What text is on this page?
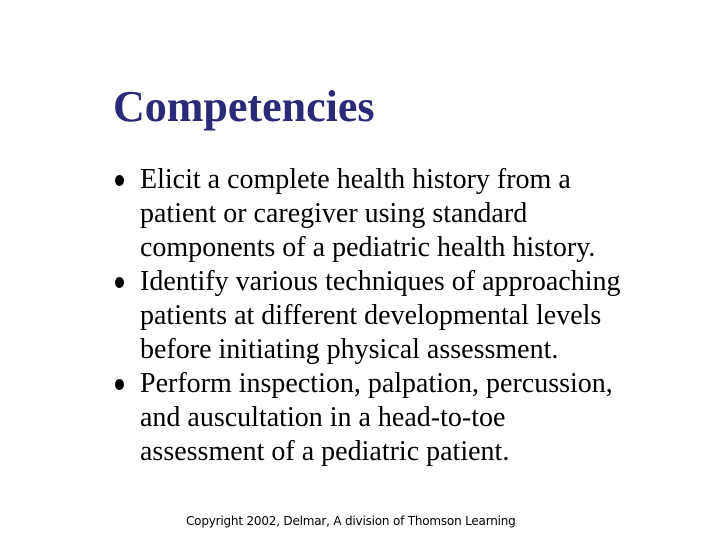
Competencies
Elicit a complete health history from a
patient or caregiver using standard
components of a pediatric health history.
Identify various techniques of approaching
patients at different developmental levels
before initiating physical assessment.
Perform inspection, palpation, percussion,
and auscultation in a head-to-toe
assessment of a pediatric patient.
Copyright 2002, Delmar, A division of Thomson Learning
